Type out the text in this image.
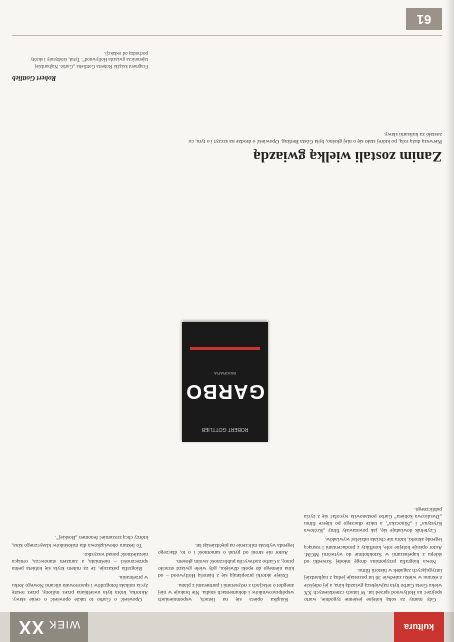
kultura
WIEKXX

Gdy mamy za sobą kolejne jesienne tygodnie, warto spojrzeć na Hollywood sprzed lat. W latach czterdziestych XX wieku Greta Garbo była największą gwiazdą kina, a jej odejście z ekranu w wieku zaledwie 36 lat pozostaje jedną z najbardziej intrygujących zagadek w historii filmu.

Nowa biografia przypomina drogę młodej Szwedki od sklepu z kapeluszami w Sztokholmie do wytwórni MGM. Autor opisuje kolejne role, konflikty z producentami i rosnącą legendę aktorki, która nie chciała udzielać wywiadów.

Czytelnik dowiaduje się, jak powstawały filmy „Królowa Krystyna” i „Ninoczka”, a także dlaczego po klęsce filmu „Dwulicowa kobieta” Garbo postanowiła wycofać się z życia publicznego.

Książka opiera się na listach, wspomnieniach współpracowników i dokumentach studia. Nie brakuje w niej anegdot o relacjach z reżyserami i partnerami z planu.

Dzieje aktorki przeplatają się z historią Hollywood – od kina niemego do epoki dźwięku, gdy wiele gwiazd straciło pracę, a Garbo zachwyciła publiczność swoim głosem.

Autor nie stroni od pytań o samotność i o to, dlaczego legenda wybrała milczenie na pięćdziesiąt lat.

Opowieść o Garbo to także opowieść o cenie sławy. Aktorka, która była uwielbiana przez miliony, przez resztę życia unikała fotografów i spacerowała ulicami Nowego Jorku w przebraniu.

Biografia pokazuje, że za mitem kryła się kobieta pełna sprzeczności – nieśmiała, a zarazem stanowcza, ceniąca niezależność ponad wszystko.

To lektura obowiązkowa dla miłośników klasycznego kina, którzy chcą zrozumieć fenomen „Boskiej”.

ROBERT GOTTLIEB
GARBO
BIOGRAFIA
Zanim zostali wielką gwiazdą
Pierwszą dużą rolą, po której stało się o niej głośno, była Gösta Berling. Opowieść o drodze na szczyt i o tym, co zostało za kulisami sławy.
Robert Gottlieb
Fragment książki Roberta Gottlieba „Garbo. Najbardziej tajemnicza gwiazda Hollywood”. Tytuł, śródtytuły i skróty pochodzą od redakcji.
61
